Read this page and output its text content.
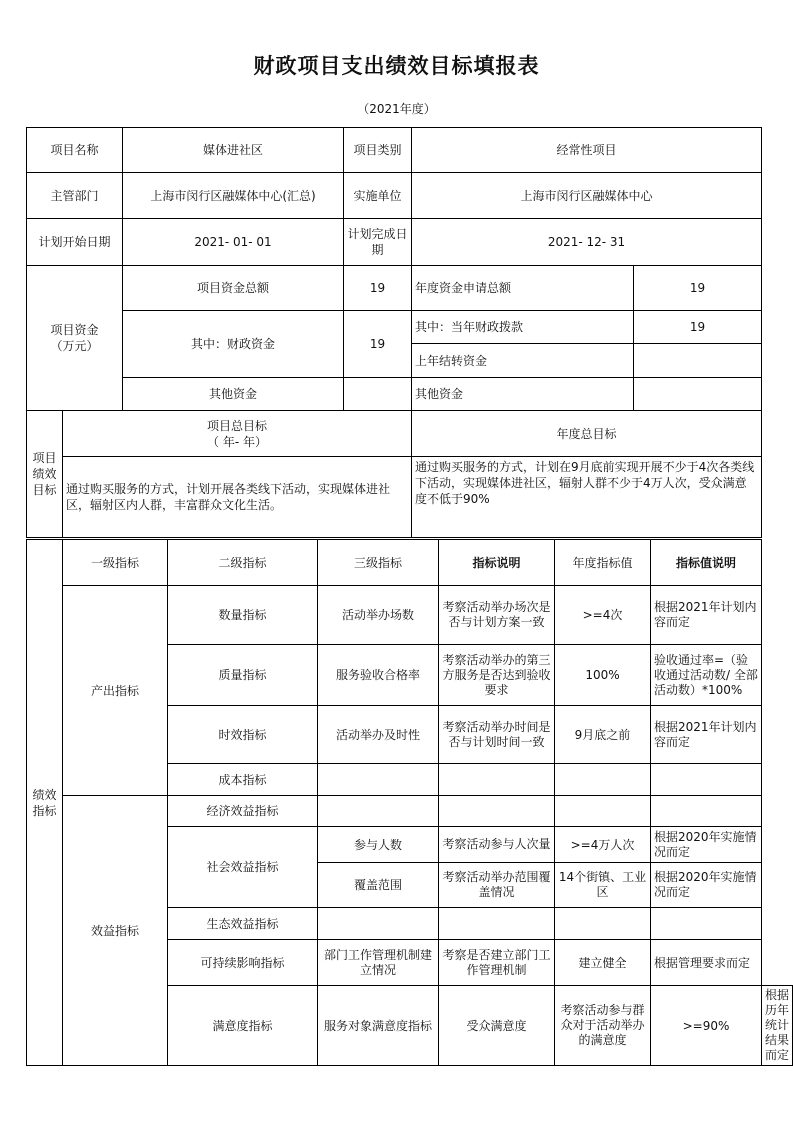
财政项目支出绩效目标填报表
（2021年度）
项目名称		媒体进社区	项目类别	经常性项目	
主管部门		上海市闵行区融媒体中心(汇总)	实施单位	上海市闵行区融媒体中心	
计划开始日期		2021- 01- 01	计划完成日期	2021- 12- 31	
项目资金
（万元）		项目资金总额	19	年度资金申请总额	19
		其中：财政资金	19	其中：当年财政拨款	19
				上年结转资金	
		其他资金		其他资金	
项目
绩效
目标	项目总目标
（ 年- 年）			年度总目标	
	通过购买服务的方式，计划开展各类线下活动，实现媒体进社区，辐射区内人群，丰富群众文化生活。			通过购买服务的方式，计划在9月底前实现开展不少于4次各类线下活动，实现媒体进社区，辐射人群不少于4万人次，受众满意度不低于90%	
绩效
指标	一级指标	二级指标	三级指标	指标说明	年度指标值	指标值说明	
	产出指标	数量指标	活动举办场数	考察活动举办场次是否与计划方案一致	>=4次	根据2021年计划内容而定	
		质量指标	服务验收合格率	考察活动举办的第三方服务是否达到验收要求	100%	验收通过率=（验收通过活动数/ 全部活动数）*100%	
		时效指标	活动举办及时性	考察活动举办时间是否与计划时间一致	9月底之前	根据2021年计划内容而定	
		成本指标					
	效益指标	经济效益指标					
		社会效益指标	参与人数	考察活动参与人次量	>=4万人次	根据2020年实施情况而定	
			覆盖范围	考察活动举办范围覆盖情况	14个街镇、工业区	根据2020年实施情况而定	
		生态效益指标					
		可持续影响指标	部门工作管理机制建立情况	考察是否建立部门工作管理机制	建立健全	根据管理要求而定	
		满意度指标	服务对象满意度指标	受众满意度	考察活动参与群众对于活动举办的满意度	>=90%	根据历年统计结果而定
